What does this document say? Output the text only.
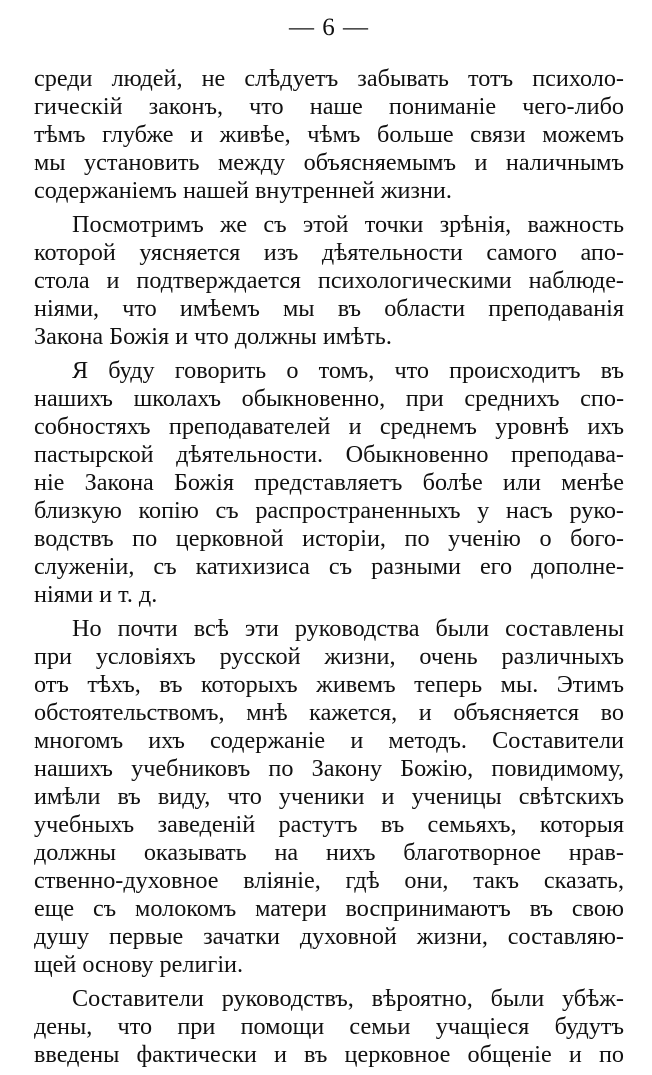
— 6 —
среди людей, не слѣдуетъ забывать тотъ психоло-
гическій законъ, что наше пониманіе чего-либо
тѣмъ глубже и живѣе, чѣмъ больше связи можемъ
мы установить между объясняемымъ и наличнымъ
содержаніемъ нашей внутренней жизни.
Посмотримъ же съ этой точки зрѣнія, важность
которой уясняется изъ дѣятельности самого апо-
стола и подтверждается психологическими наблюде-
ніями, что имѣемъ мы въ области преподаванія
Закона Божія и что должны имѣть.
Я буду говорить о томъ, что происходитъ въ
нашихъ школахъ обыкновенно, при среднихъ спо-
собностяхъ преподавателей и среднемъ уровнѣ ихъ
пастырской дѣятельности. Обыкновенно преподава-
ніе Закона Божія представляетъ болѣе или менѣе
близкую копію съ распространенныхъ у насъ руко-
водствъ по церковной исторіи, по ученію о бого-
служеніи, съ катихизиса съ разными его дополне-
ніями и т. д.
Но почти всѣ эти руководства были составлены
при условіяхъ русской жизни, очень различныхъ
отъ тѣхъ, въ которыхъ живемъ теперь мы. Этимъ
обстоятельствомъ, мнѣ кажется, и объясняется во
многомъ ихъ содержаніе и методъ. Составители
нашихъ учебниковъ по Закону Божію, повидимому,
имѣли въ виду, что ученики и ученицы свѣтскихъ
учебныхъ заведеній растутъ въ семьяхъ, которыя
должны оказывать на нихъ благотворное нрав-
ственно-духовное вліяніе, гдѣ они, такъ сказать,
еще съ молокомъ матери воспринимаютъ въ свою
душу первые зачатки духовной жизни, составляю-
щей основу религіи.
Составители руководствъ, вѣроятно, были убѣж-
дены, что при помощи семьи учащіеся будутъ
введены фактически и въ церковное общеніе и по
